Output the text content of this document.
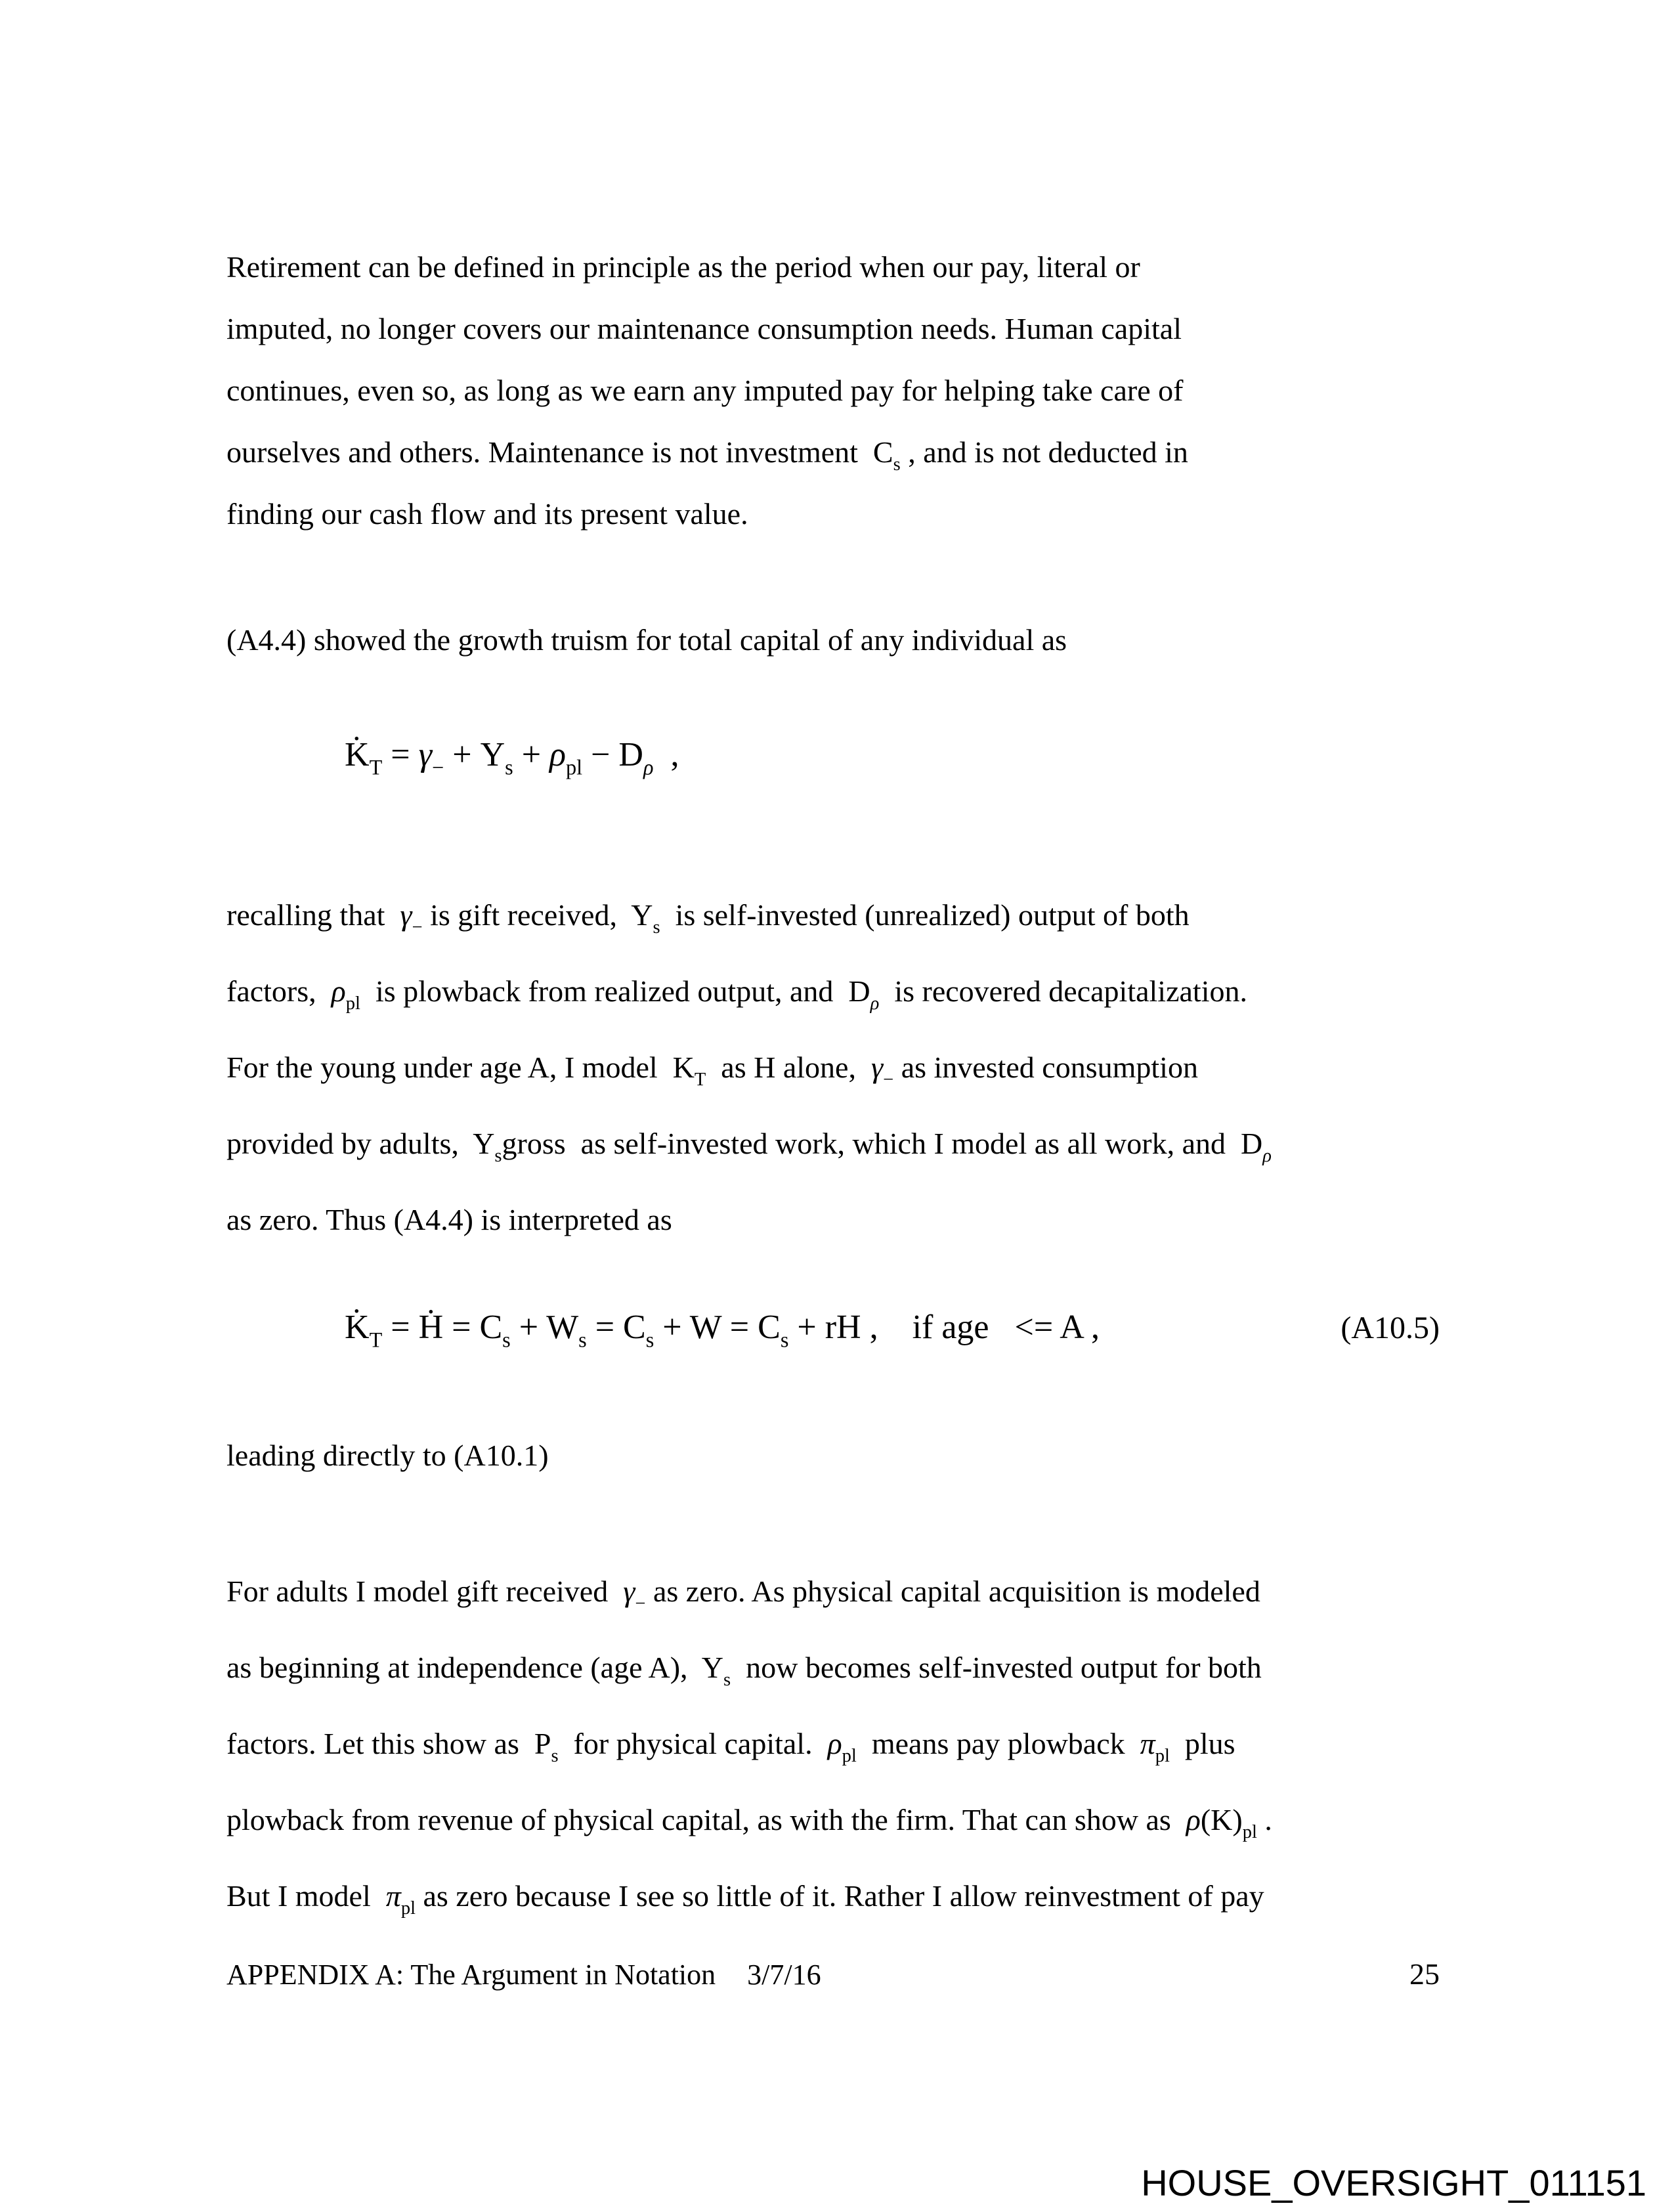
Retirement can be defined in principle as the period when our pay, literal or
imputed, no longer covers our maintenance consumption needs. Human capital
continues, even so, as long as we earn any imputed pay for helping take care of
ourselves and others. Maintenance is not investment  $C_s$ , and is not deducted in
finding our cash flow and its present value.

(A4.4) showed the growth truism for total capital of any individual as

$K̇_T = \gamma_- + Y_s + \rho_{pl} - D_\rho$  ,

recalling that  $\gamma_-$ is gift received,  $Y_s$  is self-invested (unrealized) output of both
factors,  $\rho_{pl}$  is plowback from realized output, and  $D_\rho$  is recovered decapitalization.
For the young under age A, I model  $K_T$  as H alone,  $\gamma_-$ as invested consumption
provided by adults,  $Y_sgross$  as self-invested work, which I model as all work, and  $D_\rho$
as zero. Thus (A4.4) is interpreted as

$K̇_T$ = Ḣ = $C_s + W_s = C_s + W = C_s$ + rH ,    if age   <= A ,	(A10.5)

leading directly to (A10.1)

For adults I model gift received  $\gamma_-$ as zero. As physical capital acquisition is modeled
as beginning at independence (age A),  $Y_s$  now becomes self-invested output for both
factors. Let this show as  $P_s$  for physical capital.  $\rho_{pl}$  means pay plowback  $\pi_{pl}$  plus
plowback from revenue of physical capital, as with the firm. That can show as  $\rho(K)_{pl}$ .
But I model  $\pi_{pl}$ as zero because I see so little of it. Rather I allow reinvestment of pay

APPENDIX A: The Argument in Notation 3/7/16	25
HOUSE_OVERSIGHT_011151
